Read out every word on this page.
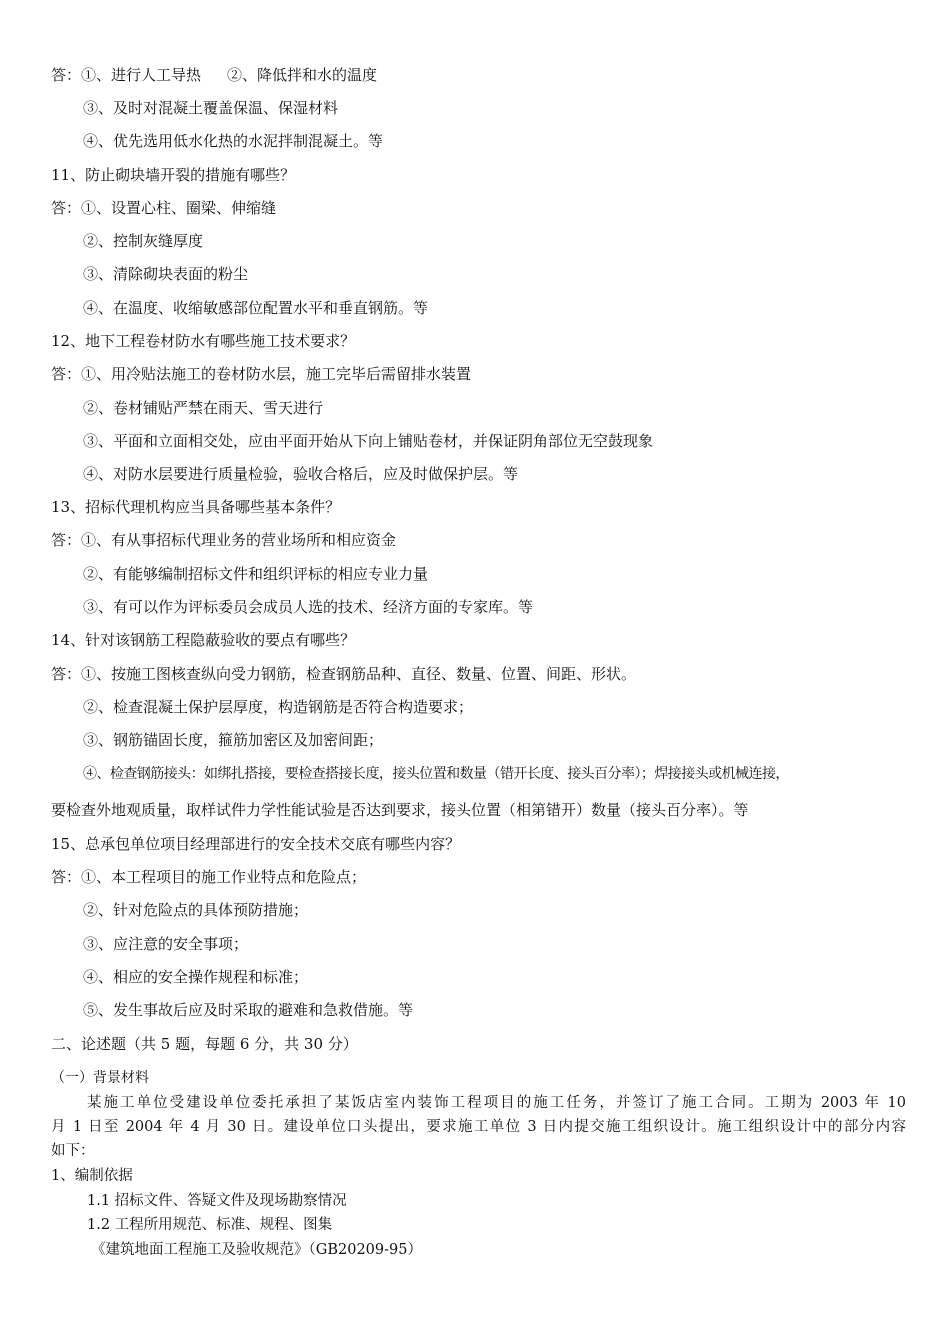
答：①、进行人工导热 ②、降低拌和水的温度
③、及时对混凝土覆盖保温、保湿材料
④、优先选用低水化热的水泥拌制混凝土。等
11、防止砌块墙开裂的措施有哪些？
答：①、设置心柱、圈梁、伸缩缝
②、控制灰缝厚度
③、清除砌块表面的粉尘
④、在温度、收缩敏感部位配置水平和垂直钢筋。等
12、地下工程卷材防水有哪些施工技术要求？
答：①、用冷贴法施工的卷材防水层，施工完毕后需留排水装置
②、卷材铺贴严禁在雨天、雪天进行
③、平面和立面相交处，应由平面开始从下向上铺贴卷材，并保证阴角部位无空鼓现象
④、对防水层要进行质量检验，验收合格后，应及时做保护层。等
13、招标代理机构应当具备哪些基本条件？
答：①、有从事招标代理业务的营业场所和相应资金
②、有能够编制招标文件和组织评标的相应专业力量
③、有可以作为评标委员会成员人选的技术、经济方面的专家库。等
14、针对该钢筋工程隐蔽验收的要点有哪些？
答：①、按施工图核查纵向受力钢筋，检查钢筋品种、直径、数量、位置、间距、形状。
②、检查混凝土保护层厚度，构造钢筋是否符合构造要求；
③、钢筋锚固长度，箍筋加密区及加密间距；
④、检查钢筋接头：如绑扎搭接，要检查搭接长度，接头位置和数量（错开长度、接头百分率）；焊接接头或机械连接，
要检查外地观质量，取样试件力学性能试验是否达到要求，接头位置（相第错开）数量（接头百分率）。等
15、总承包单位项目经理部进行的安全技术交底有哪些内容？
答：①、本工程项目的施工作业特点和危险点；
②、针对危险点的具体预防措施；
③、应注意的安全事项；
④、相应的安全操作规程和标准；
⑤、发生事故后应及时采取的避难和急救借施。等
二、论述题（共 5 题，每题 6 分，共 30 分）
（一）背景材料
某施工单位受建设单位委托承担了某饭店室内装饰工程项目的施工任务，并签订了施工合同。工期为 2003 年 10
月 1 日至 2004 年 4 月 30 日。建设单位口头提出，要求施工单位 3 日内提交施工组织设计。施工组织设计中的部分内容
如下：
1、编制依据
1.1 招标文件、答疑文件及现场勘察情况
1.2 工程所用规范、标准、规程、图集
《建筑地面工程施工及验收规范》（GB20209-95）
